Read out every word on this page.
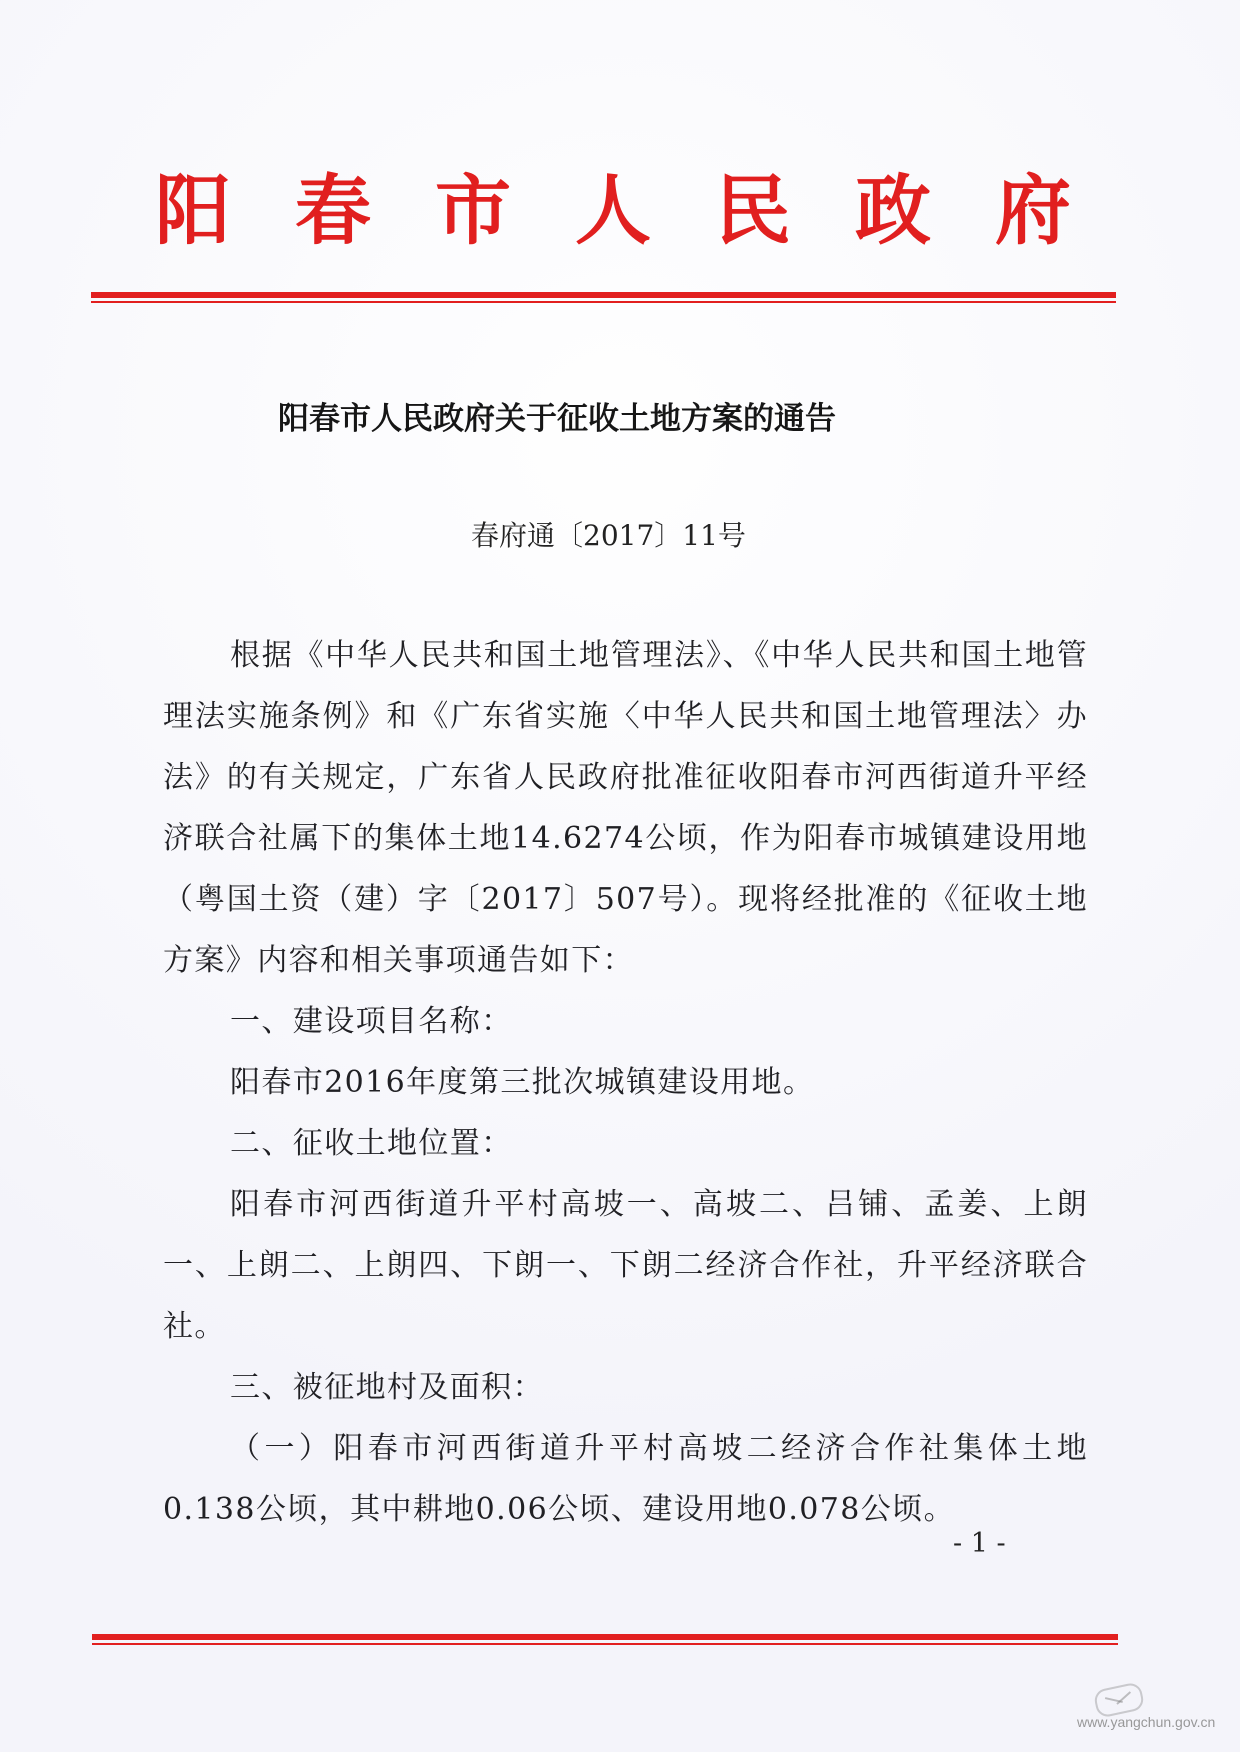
阳春市人民政府
阳春市人民政府关于征收土地方案的通告
春府通〔2017〕11号

根据《中华人民共和国土地管理法》、《中华人民共和国土地管理法实施条例》和《广东省实施〈中华人民共和国土地管理法〉办法》的有关规定，广东省人民政府批准征收阳春市河西街道升平经济联合社属下的集体土地14.6274公顷，作为阳春市城镇建设用地（粤国土资（建）字〔2017〕507号）。现将经批准的《征收土地方案》内容和相关事项通告如下：

一、建设项目名称：

阳春市2016年度第三批次城镇建设用地。

二、征收土地位置：

阳春市河西街道升平村高坡一、高坡二、吕铺、孟姜、上朗一、上朗二、上朗四、下朗一、下朗二经济合作社，升平经济联合社。

三、被征地村及面积：

（一）阳春市河西街道升平村高坡二经济合作社集体土地0.138公顷，其中耕地0.06公顷、建设用地0.078公顷。

- 1 -
www.yangchun.gov.cn
